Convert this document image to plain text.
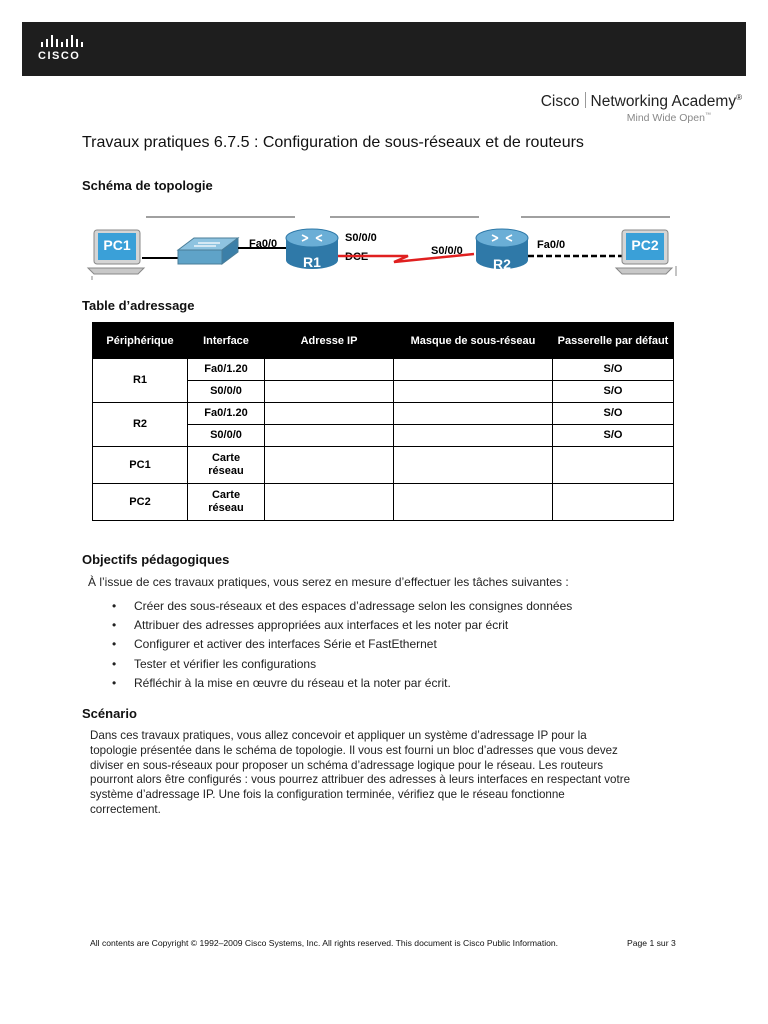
CISCO
Cisco Networking Academy®
Mind Wide Open™
Travaux pratiques 6.7.5 : Configuration de sous-réseaux et de routeurs
Schéma de topologie
PC1	Fa0/0
R1
S0/0/0
DCE	S0/0/0
R2
Fa0/0	PC2
Table d’adressage
Périphérique	Interface	Adresse IP	Masque de sous-réseau	Passerelle par défaut
R1	Fa0/1.20			S/O
	S0/0/0			S/O
R2	Fa0/1.20			S/O
	S0/0/0			S/O
PC1	Carte réseau			
PC2	Carte réseau			
Objectifs pédagogiques
À l’issue de ces travaux pratiques, vous serez en mesure d’effectuer les tâches suivantes :
• Créer des sous-réseaux et des espaces d’adressage selon les consignes données
• Attribuer des adresses appropriées aux interfaces et les noter par écrit
• Configurer et activer des interfaces Série et FastEthernet
• Tester et vérifier les configurations
• Réfléchir à la mise en œuvre du réseau et la noter par écrit.
Scénario
Dans ces travaux pratiques, vous allez concevoir et appliquer un système d’adressage IP pour la
topologie présentée dans le schéma de topologie. Il vous est fourni un bloc d’adresses que vous devez
diviser en sous-réseaux pour proposer un schéma d’adressage logique pour le réseau. Les routeurs
pourront alors être configurés : vous pourrez attribuer des adresses à leurs interfaces en respectant votre
système d’adressage IP. Une fois la configuration terminée, vérifiez que le réseau fonctionne
correctement.
All contents are Copyright © 1992–2009 Cisco Systems, Inc. All rights reserved. This document is Cisco Public Information.	Page 1 sur 3
